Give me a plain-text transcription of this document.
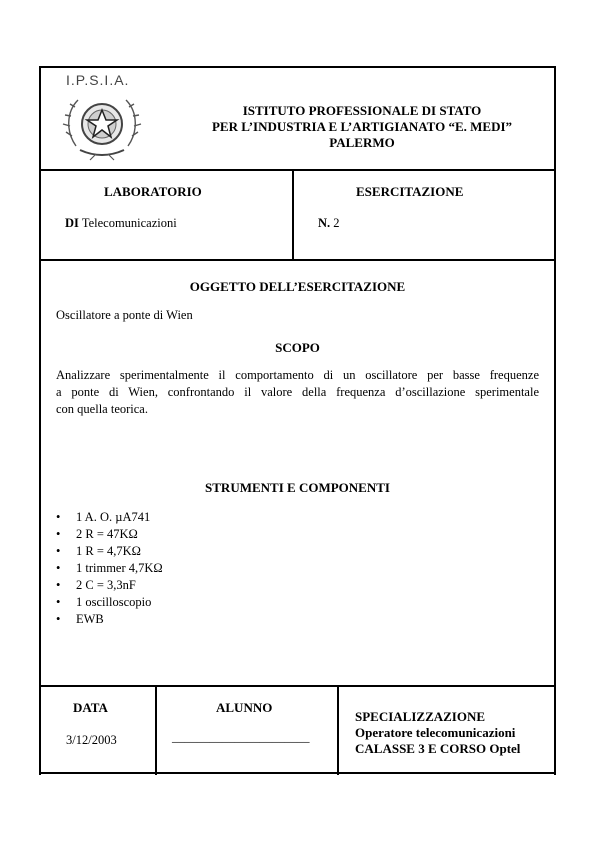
I.P.S.I.A.
ISTITUTO PROFESSIONALE DI STATO
PER L’INDUSTRIA E L’ARTIGIANATO “E. MEDI”
PALERMO
LABORATORIO
DI Telecomunicazioni
ESERCITAZIONE
N. 2
OGGETTO DELL’ESERCITAZIONE
Oscillatore a ponte di Wien
SCOPO
Analizzare sperimentalmente il comportamento di un oscillatore per basse frequenze
a ponte di Wien, confrontando il valore della frequenza d’oscillazione sperimentale
con quella teorica.
STRUMENTI E COMPONENTI
• 1 A. O. µA741
• 2 R = 47KΩ
• 1 R = 4,7KΩ
• 1 trimmer 4,7KΩ
• 2 C = 3,3nF
• 1 oscilloscopio
• EWB
DATA
3/12/2003
ALUNNO
______________________
SPECIALIZZAZIONE
Operatore telecomunicazioni
CALASSE 3 E CORSO Optel
